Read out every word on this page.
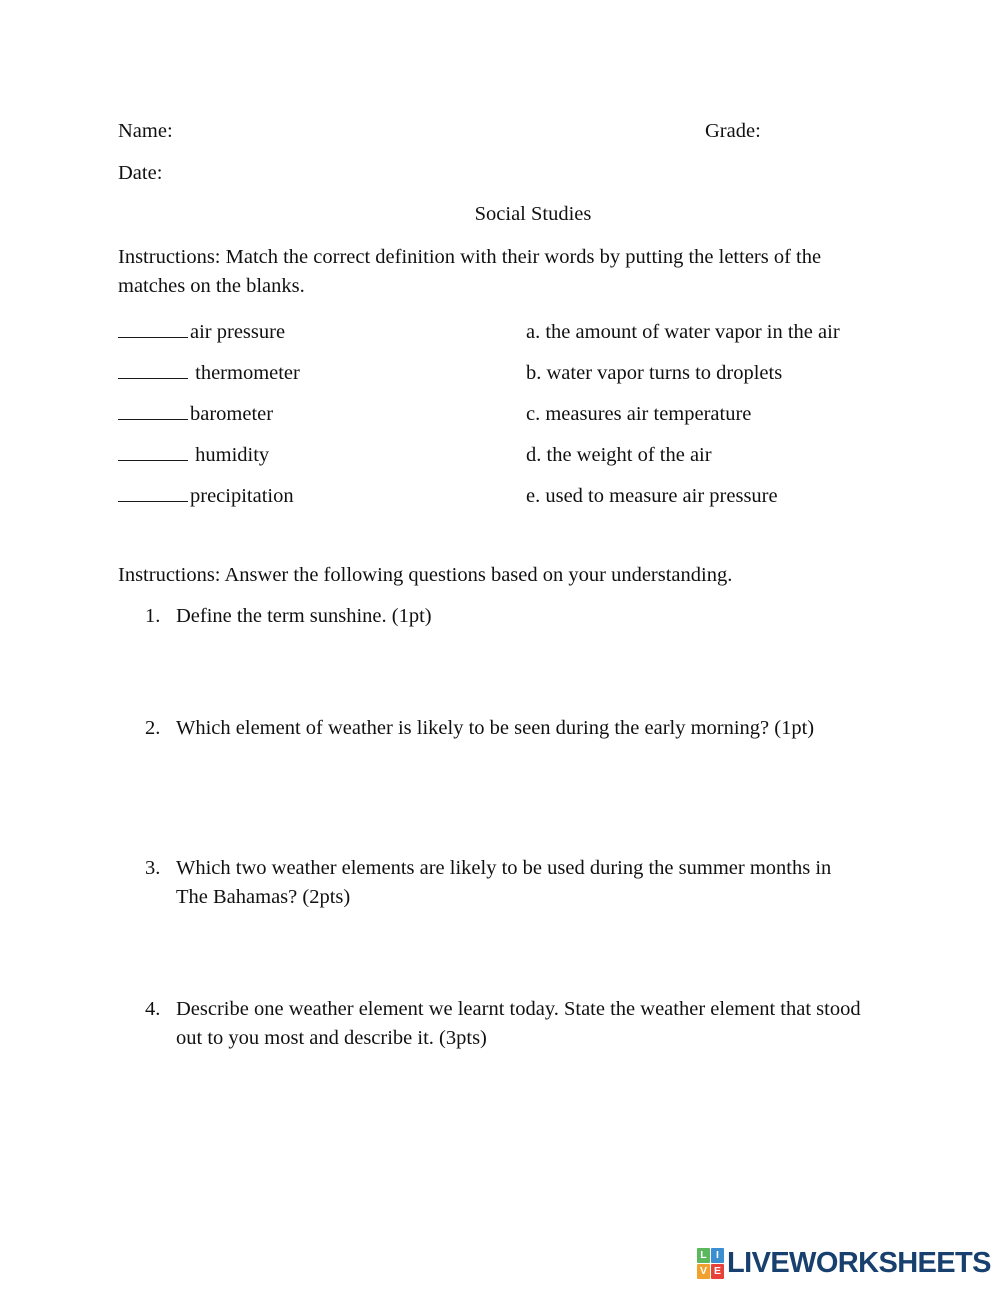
Name:	Grade:
Date:
Social Studies
Instructions: Match the correct definition with their words by putting the letters of the matches on the blanks.
air pressure	a. the amount of water vapor in the air
thermometer	b. water vapor turns to droplets
barometer	c. measures air temperature
humidity	d. the weight of the air
precipitation	e. used to measure air pressure
Instructions: Answer the following questions based on your understanding.
1. Define the term sunshine. (1pt)
2. Which element of weather is likely to be seen during the early morning? (1pt)
3. Which two weather elements are likely to be used during the summer months in The Bahamas? (2pts)
4. Describe one weather element we learnt today. State the weather element that stood out to you most and describe it. (3pts)
L I
V E LIVEWORKSHEETS
